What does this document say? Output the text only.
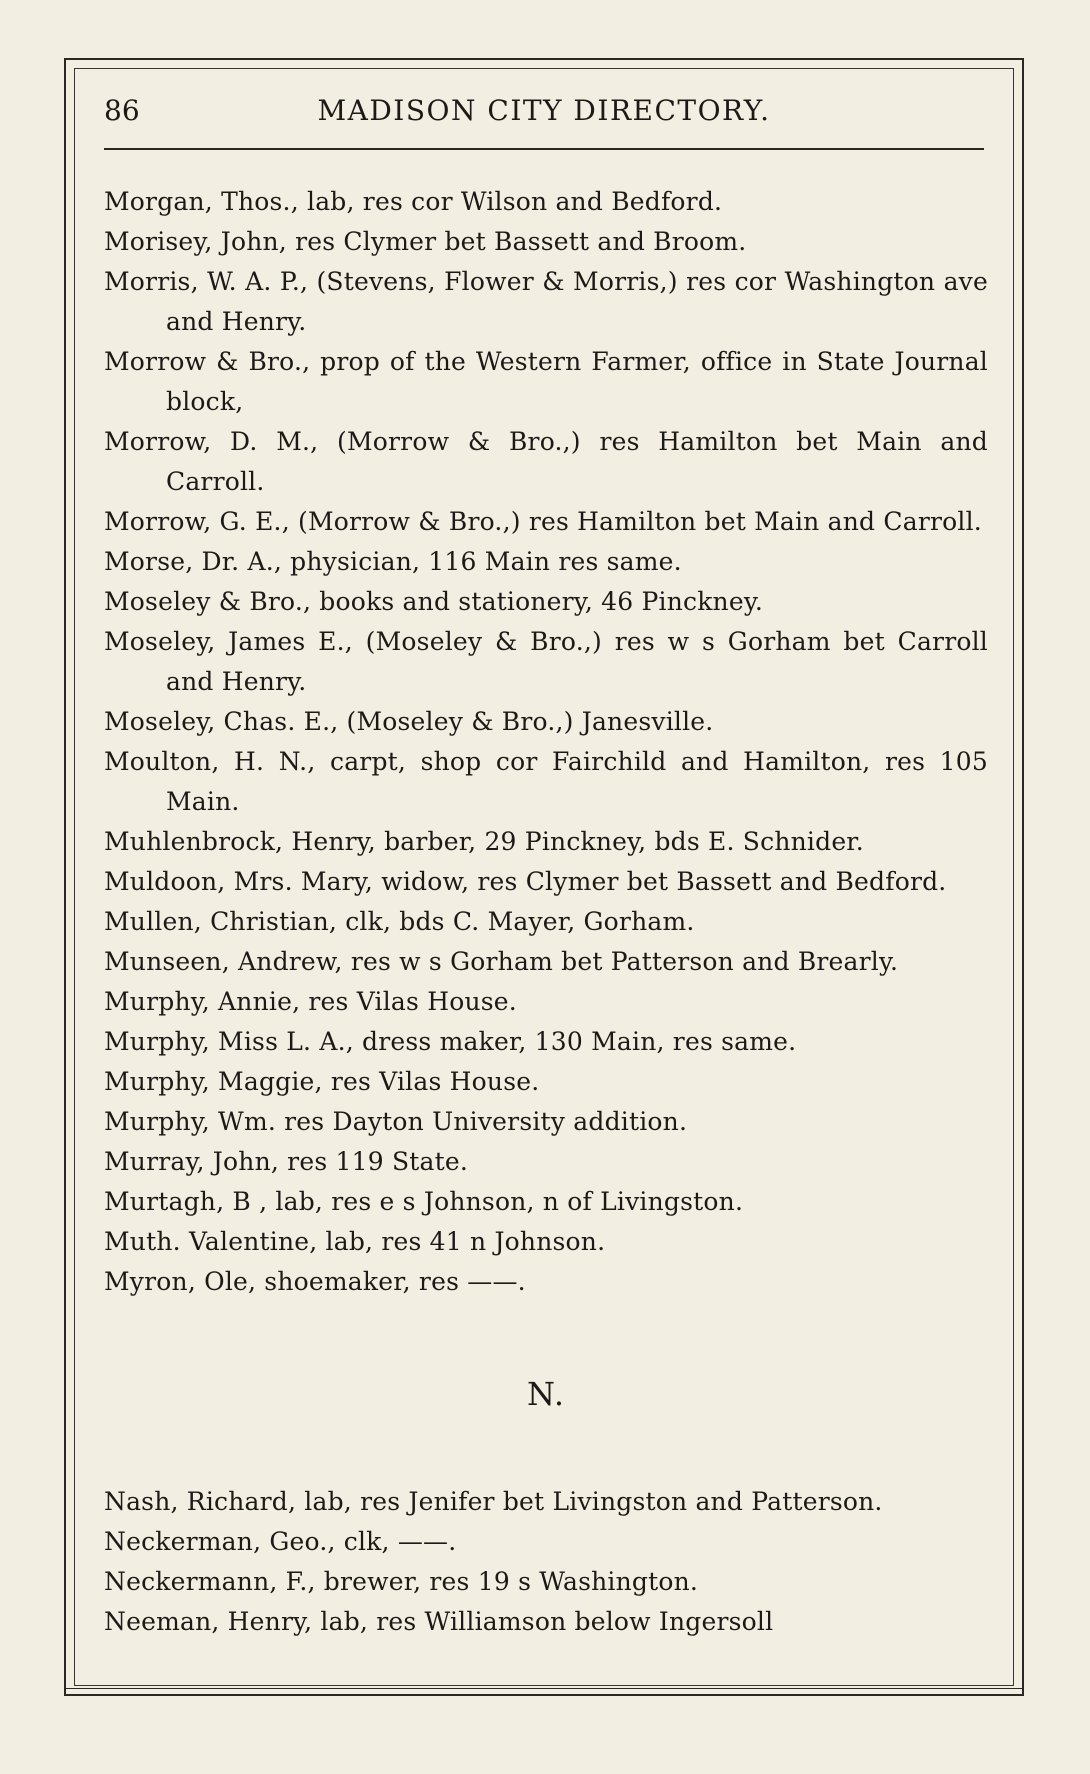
86	MADISON CITY DIRECTORY.

Morgan, Thos., lab, res cor Wilson and Bedford.

Morisey, John, res Clymer bet Bassett and Broom.

Morris, W. A. P., (Stevens, Flower & Morris,) res cor Washington ave and Henry.

Morrow & Bro., prop of the Western Farmer, office in State Journal block,

Morrow, D. M., (Morrow & Bro.,) res Hamilton bet Main and Carroll.

Morrow, G. E., (Morrow & Bro.,) res Hamilton bet Main and Carroll.

Morse, Dr. A., physician, 116 Main res same.

Moseley & Bro., books and stationery, 46 Pinckney.

Moseley, James E., (Moseley & Bro.,) res w s Gorham bet Carroll and Henry.

Moseley, Chas. E., (Moseley & Bro.,) Janesville.

Moulton, H. N., carpt, shop cor Fairchild and Hamilton, res 105 Main.

Muhlenbrock, Henry, barber, 29 Pinckney, bds E. Schnider.

Muldoon, Mrs. Mary, widow, res Clymer bet Bassett and Bedford.

Mullen, Christian, clk, bds C. Mayer, Gorham.

Munseen, Andrew, res w s Gorham bet Patterson and Brearly.

Murphy, Annie, res Vilas House.

Murphy, Miss L. A., dress maker, 130 Main, res same.

Murphy, Maggie, res Vilas House.

Murphy, Wm. res Dayton University addition.

Murray, John, res 119 State.

Murtagh, B , lab, res e s Johnson, n of Livingston.

Muth. Valentine, lab, res 41 n Johnson.

Myron, Ole, shoemaker, res ——.

N.

Nash, Richard, lab, res Jenifer bet Livingston and Patterson.

Neckerman, Geo., clk, ——.

Neckermann, F., brewer, res 19 s Washington.

Neeman, Henry, lab, res Williamson below Ingersoll
